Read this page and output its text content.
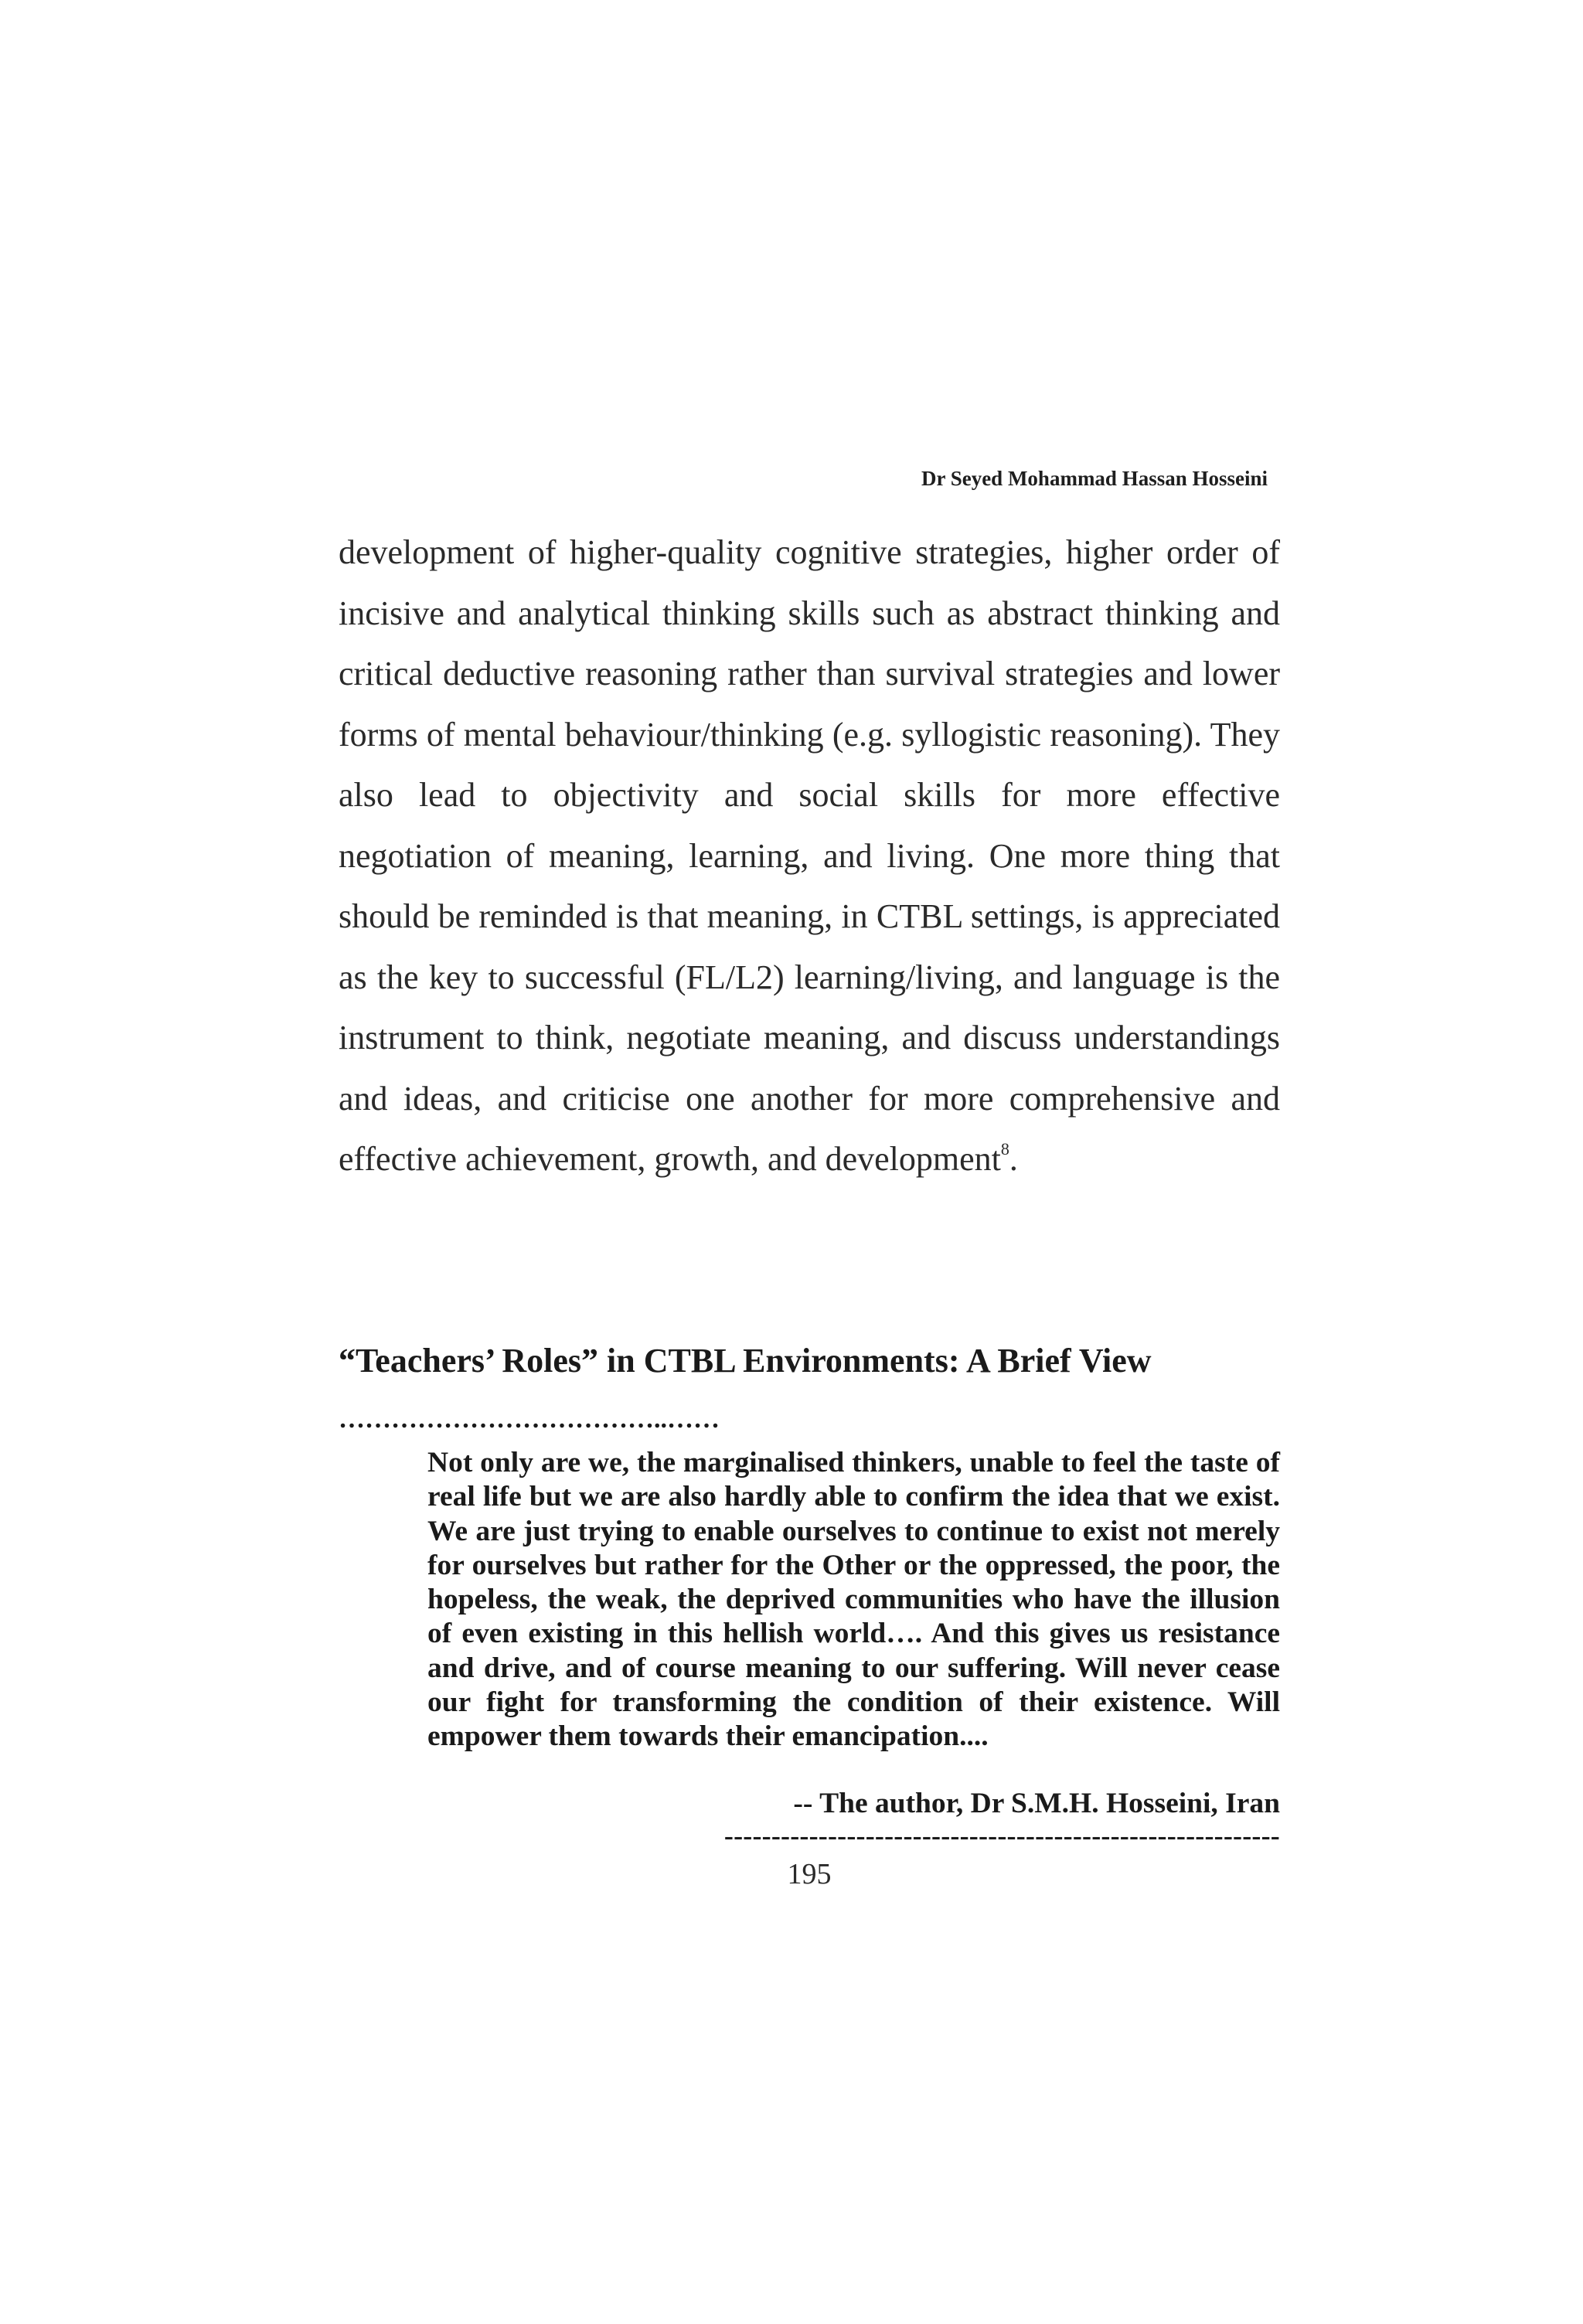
Dr Seyed Mohammad Hassan Hosseini

development of higher-quality cognitive strategies, higher order of incisive and analytical thinking skills such as abstract thinking and critical deductive reasoning rather than survival strategies and lower forms of mental behaviour/thinking (e.g. syllogistic reasoning). They also lead to objectivity and social skills for more effective negotiation of meaning, learning, and living. One more thing that should be reminded is that meaning, in CTBL settings, is appreciated as the key to successful (FL/L2) learning/living, and language is the instrument to think, negotiate meaning, and discuss understandings and ideas, and criticise one another for more comprehensive and effective achievement, growth, and development$^8$.

“Teachers’ Roles” in CTBL Environments: A Brief View
………………………………..……

Not only are we, the marginalised thinkers, unable to feel the taste of real life but we are also hardly able to confirm the idea that we exist. We are just trying to enable ourselves to continue to exist not merely for ourselves but rather for the Other or the oppressed, the poor, the hopeless, the weak, the deprived communities who have the illusion of even existing in this hellish world…. And this gives us resistance and drive, and of course meaning to our suffering. Will never cease our fight for transforming the condition of their existence. Will empower them towards their emancipation....

-- The author, Dr S.M.H. Hosseini, Iran
-----------------------------------------------------------
195
